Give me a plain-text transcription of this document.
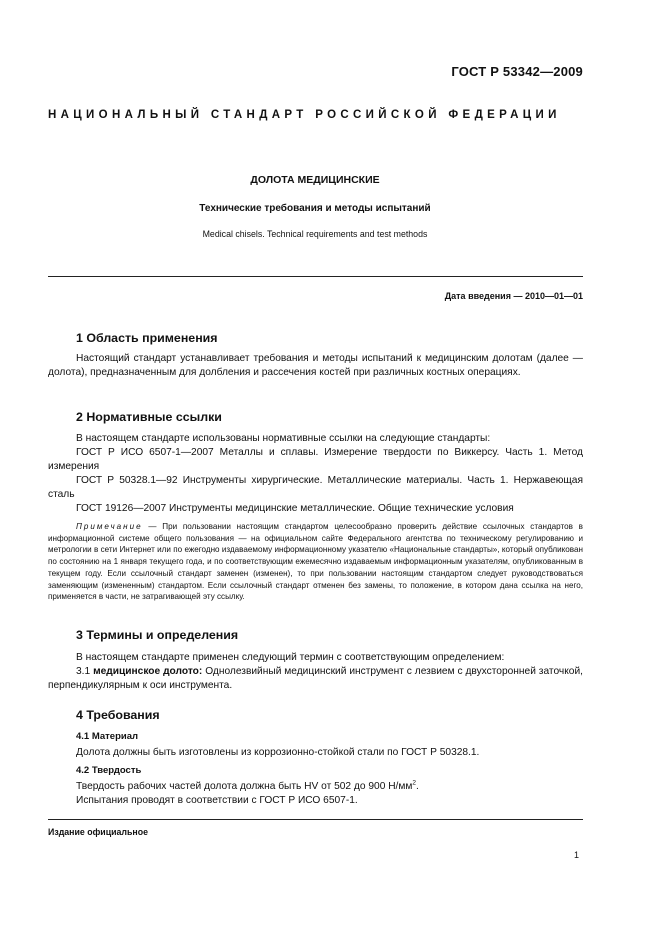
ГОСТ Р 53342—2009
НАЦИОНАЛЬНЫЙ СТАНДАРТ РОССИЙСКОЙ ФЕДЕРАЦИИ
ДОЛОТА МЕДИЦИНСКИЕ
Технические требования и методы испытаний
Medical chisels. Technical requirements and test methods
Дата введения — 2010—01—01
1 Область применения

Настоящий стандарт устанавливает требования и методы испытаний к медицинским долотам (далее — долота), предназначенным для долбления и рассечения костей при различных костных операциях.

2 Нормативные ссылки

В настоящем стандарте использованы нормативные ссылки на следующие стандарты:

ГОСТ Р ИСО 6507-1—2007 Металлы и сплавы. Измерение твердости по Виккерсу. Часть 1. Метод измерения

ГОСТ Р 50328.1—92 Инструменты хирургические. Металлические материалы. Часть 1. Нержавеющая сталь

ГОСТ 19126—2007 Инструменты медицинские металлические. Общие технические условия

Примечание — При пользовании настоящим стандартом целесообразно проверить действие ссылочных стандартов в информационной системе общего пользования — на официальном сайте Федерального агентства по техническому регулированию и метрологии в сети Интернет или по ежегодно издаваемому информационному указателю «Национальные стандарты», который опубликован по состоянию на 1 января текущего года, и по соответствующим ежемесячно издаваемым информационным указателям, опубликованным в текущем году. Если ссылочный стандарт заменен (изменен), то при пользовании настоящим стандартом следует руководствоваться заменяющим (измененным) стандартом. Если ссылочный стандарт отменен без замены, то положение, в котором дана ссылка на него, применяется в части, не затрагивающей эту ссылку.

3 Термины и определения

В настоящем стандарте применен следующий термин с соответствующим определением:

3.1 медицинское долото: Однолезвийный медицинский инструмент с лезвием с двухсторонней заточкой, перпендикулярным к оси инструмента.

4 Требования
4.1 Материал

Долота должны быть изготовлены из коррозионно-стойкой стали по ГОСТ Р 50328.1.

4.2 Твердость

Твердость рабочих частей долота должна быть HV от 502 до 900 $Н/мм^2$.

Испытания проводят в соответствии с ГОСТ Р ИСО 6507-1.

Издание официальное
1
